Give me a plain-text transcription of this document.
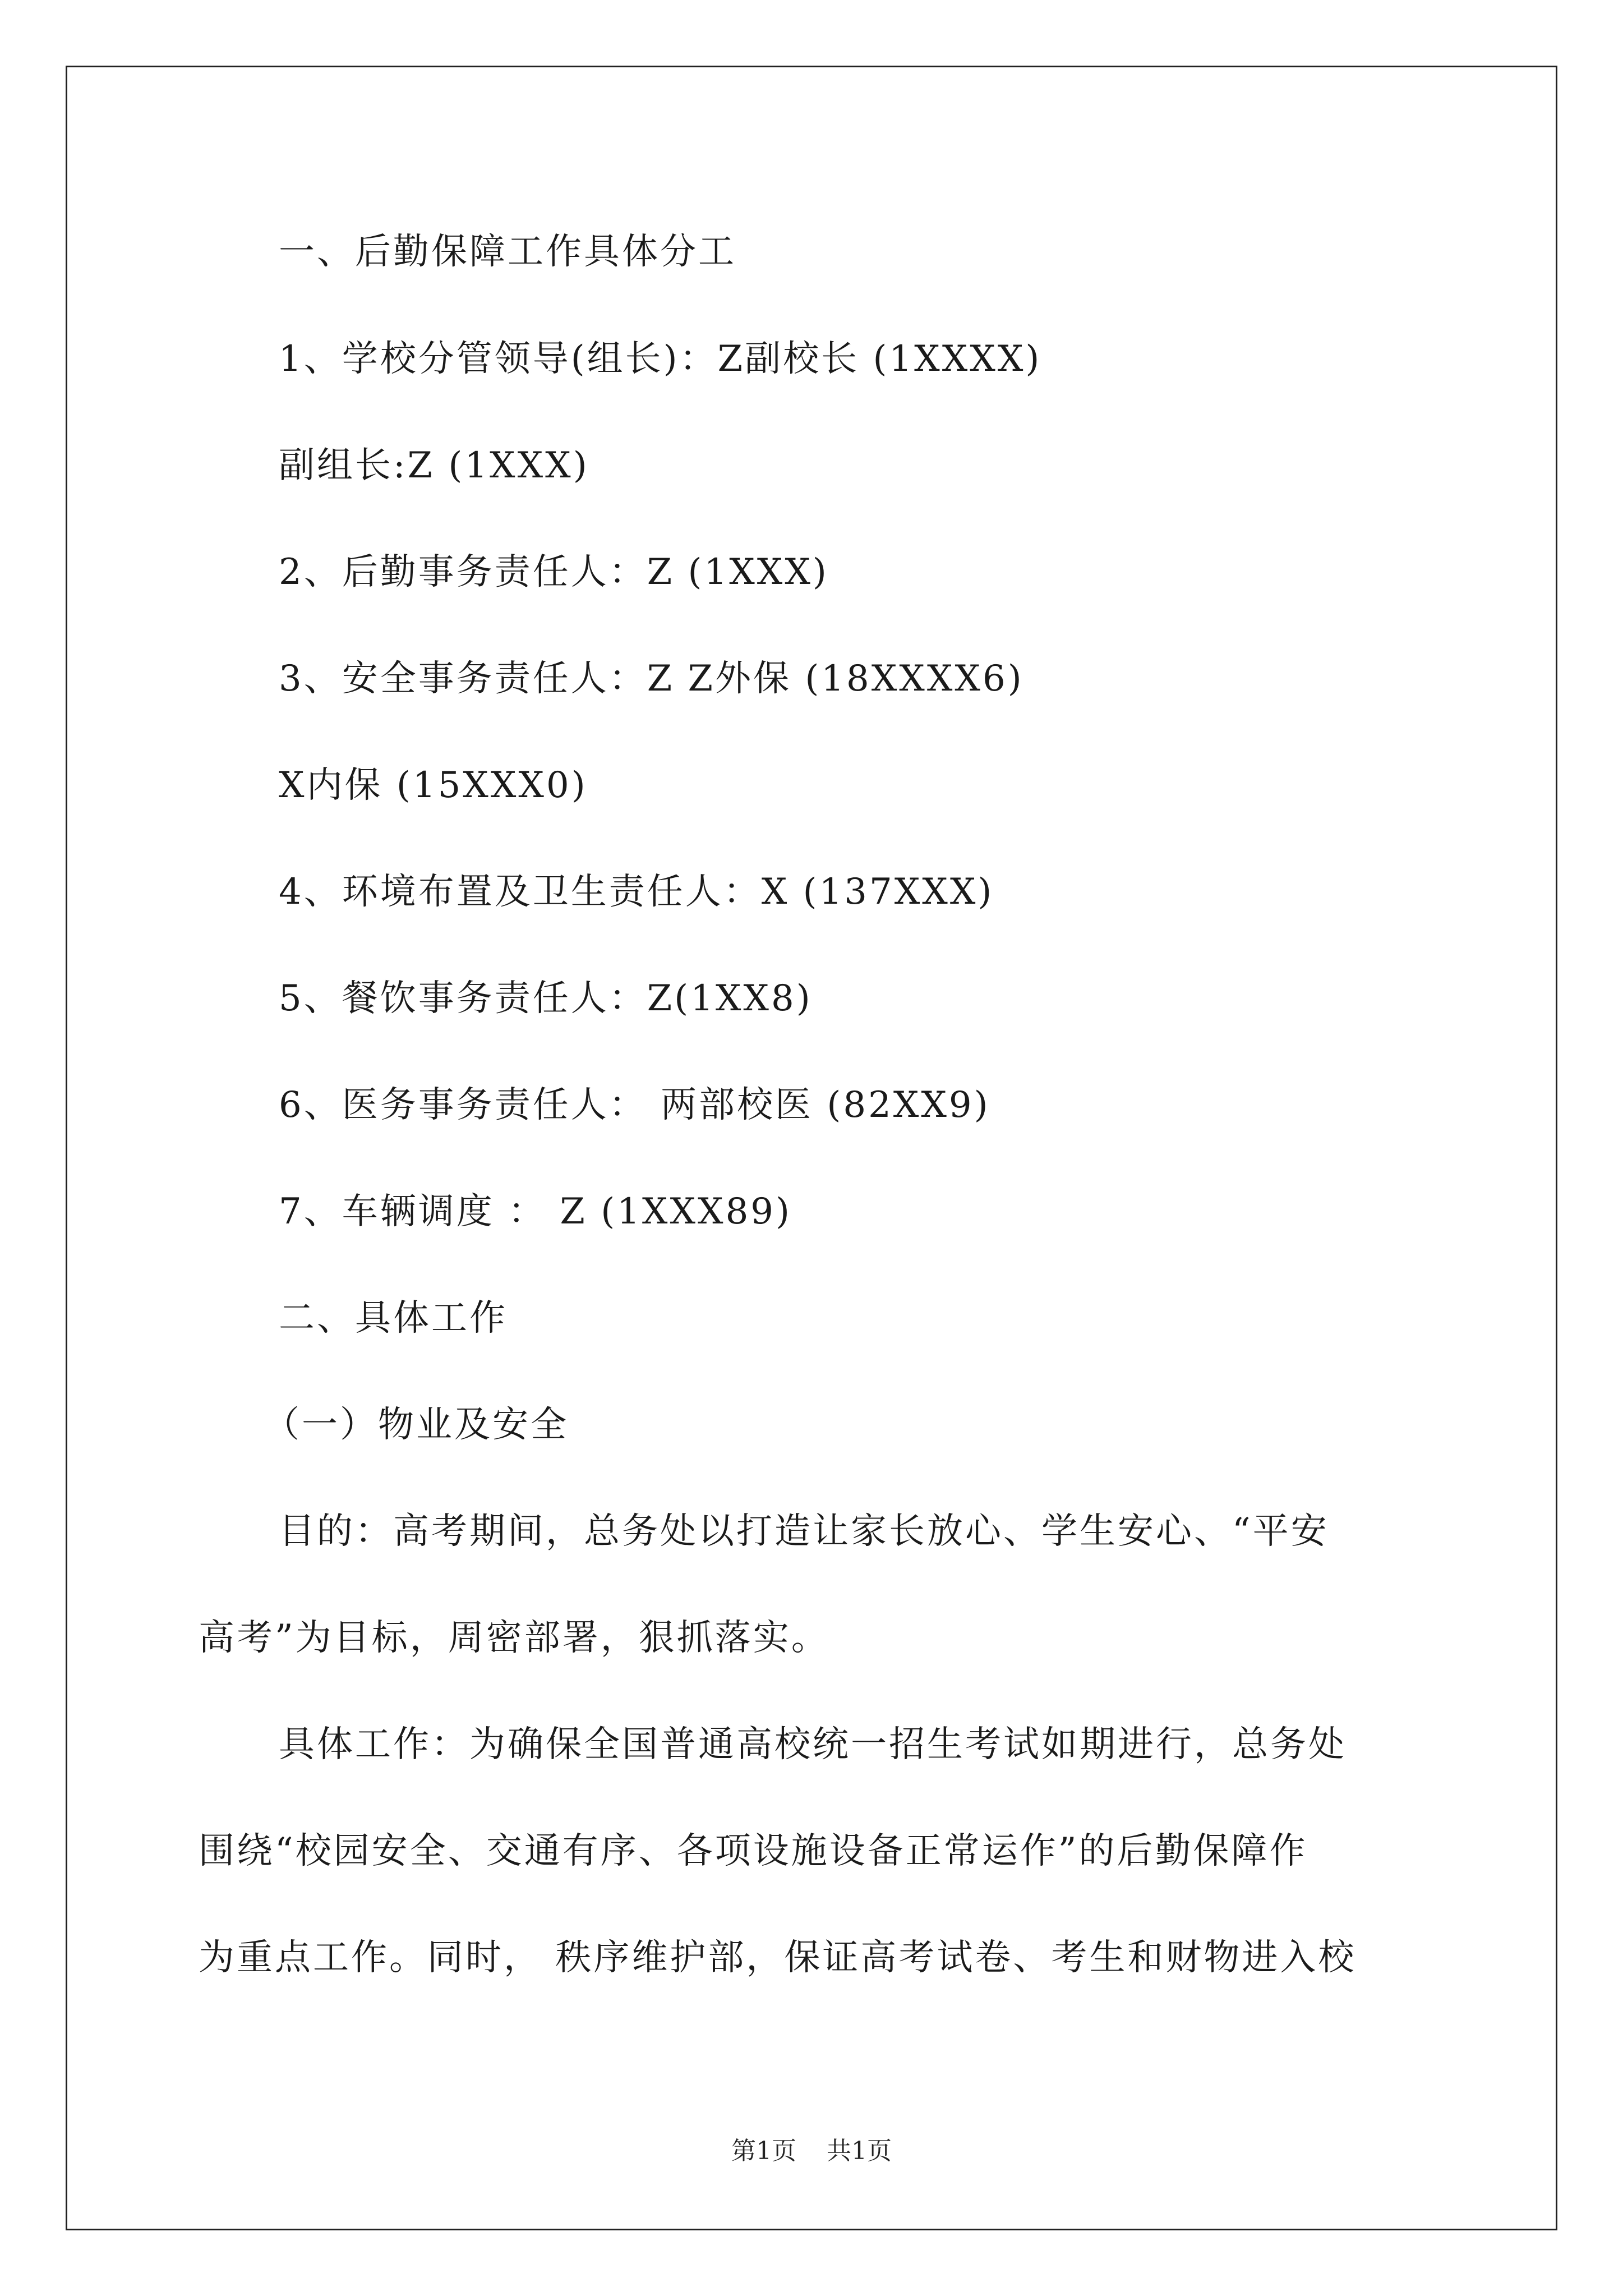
一、后勤保障工作具体分工
1、学校分管领导(组长)：Z副校长 (1XXXX)
副组长:Z (1XXX)
2、后勤事务责任人：Z (1XXX)
3、安全事务责任人：Z Z外保 (18XXXX6)
X内保 (15XXX0)
4、环境布置及卫生责任人：X (137XXX)
5、餐饮事务责任人：Z(1XX8)
6、医务事务责任人： 两部校医 (82XX9)
7、车辆调度 ： Z (1XXX89)
二、具体工作
（一）物业及安全
目的：高考期间，总务处以打造让家长放心、学生安心、“平安
高考”为目标，周密部署，狠抓落实。
具体工作：为确保全国普通高校统一招生考试如期进行，总务处
围绕“校园安全、交通有序、各项设施设备正常运作”的后勤保障作
为重点工作。同时， 秩序维护部，保证高考试卷、考生和财物进入校
第1页 共1页
